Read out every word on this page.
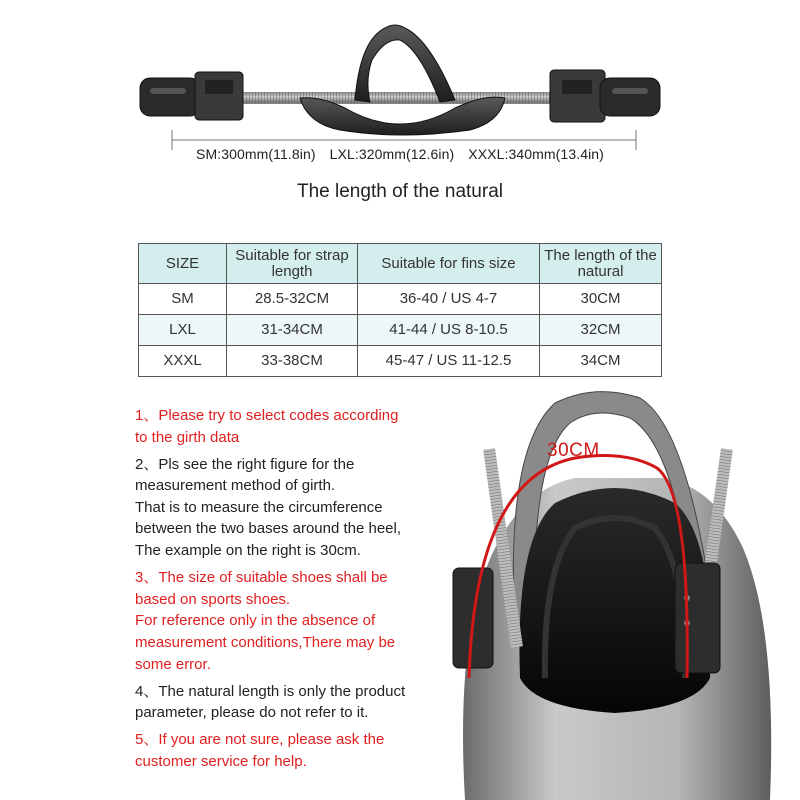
SM:300mm(11.8in) LXL:320mm(12.6in) XXXL:340mm(13.4in)
The length of the natural
SIZE	Suitable for strap length	Suitable for fins size	The length of the natural
SM	28.5-32CM	36-40 / US 4-7	30CM
LXL	31-34CM	41-44 / US 8-10.5	32CM
XXXL	33-38CM	45-47 / US 11-12.5	34CM
30CM
1、Please try to select codes according
to the girth data
2、Pls see the right figure for the
measurement method of girth.
That is to measure the circumference
between the two bases around the heel,
The example on the right is 30cm.
3、The size of suitable shoes shall be
based on sports shoes.
For reference only in the absence of
measurement conditions,There may be
some error.
4、The natural length is only the product
parameter, please do not refer to it.
5、If you are not sure, please ask the
customer service for help.
